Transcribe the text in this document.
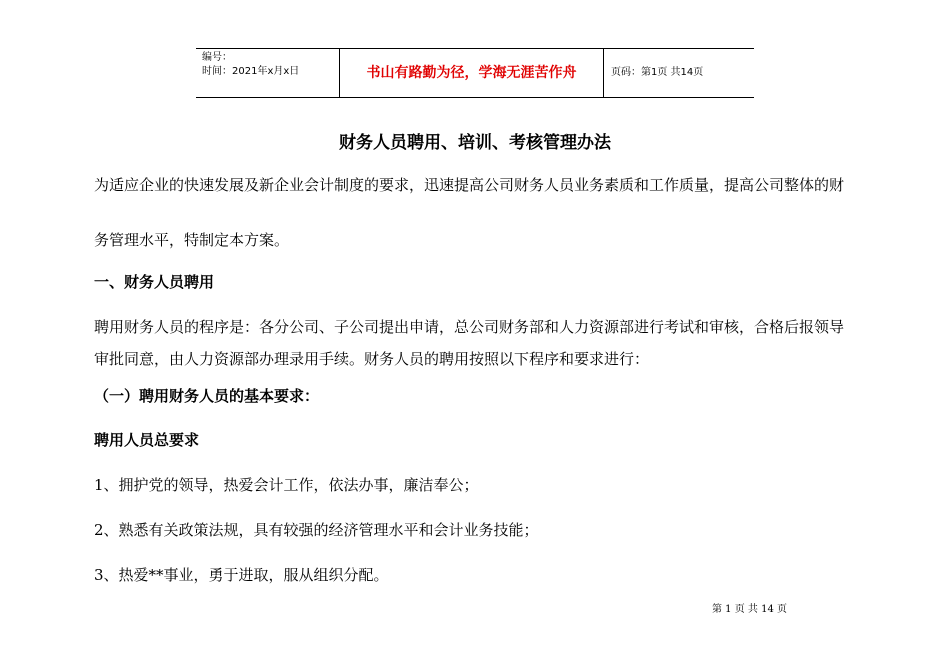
编号：
时间：2021年x月x日	书山有路勤为径，学海无涯苦作舟	页码：第1页 共14页
财务人员聘用、培训、考核管理办法
为适应企业的快速发展及新企业会计制度的要求，迅速提高公司财务人员业务素质和工作质量，提高公司整体的财
务管理水平，特制定本方案。
一、财务人员聘用
聘用财务人员的程序是：各分公司、子公司提出申请，总公司财务部和人力资源部进行考试和审核，合格后报领导
审批同意，由人力资源部办理录用手续。财务人员的聘用按照以下程序和要求进行：
（一）聘用财务人员的基本要求：
聘用人员总要求
1、拥护党的领导，热爱会计工作，依法办事，廉洁奉公；
2、熟悉有关政策法规，具有较强的经济管理水平和会计业务技能；
3、热爱**事业，勇于进取，服从组织分配。
第 1 页 共 14 页
